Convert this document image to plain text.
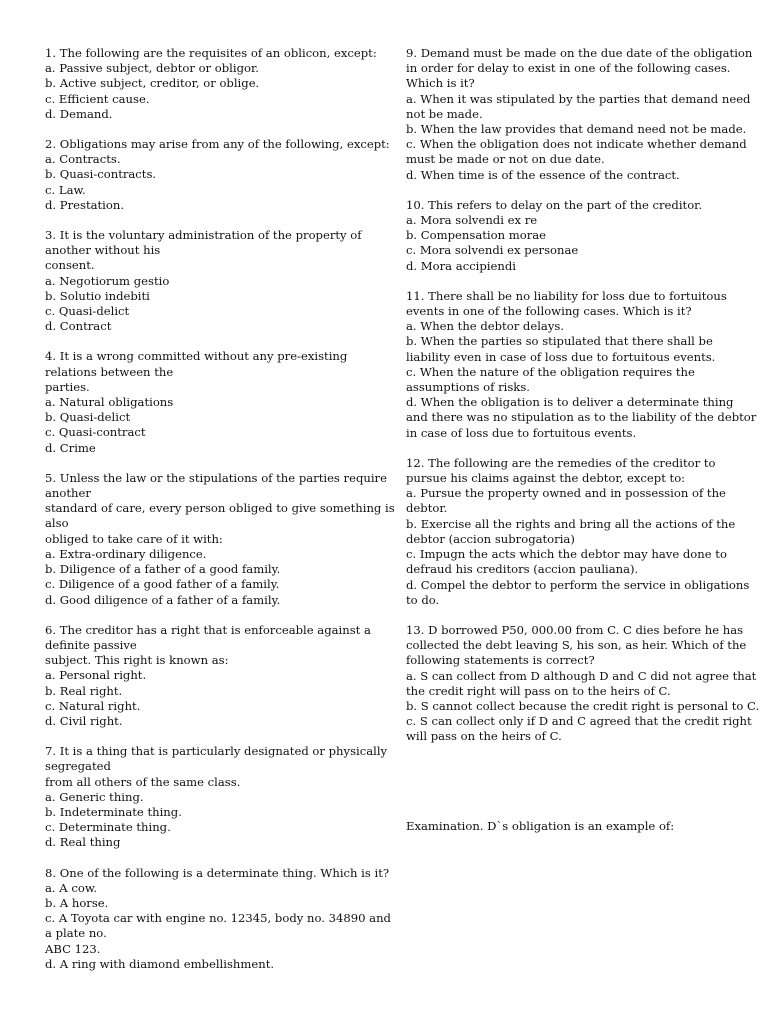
1. The following are the requisites of an oblicon, except:
a. Passive subject, debtor or obligor.
b. Active subject, creditor, or oblige.
c. Efficient cause.
d. Demand.
2. Obligations may arise from any of the following, except:
a. Contracts.
b. Quasi-contracts.
c. Law.
d. Prestation.
3. It is the voluntary administration of the property of
another without his
consent.
a. Negotiorum gestio
b. Solutio indebiti
c. Quasi-delict
d. Contract
4. It is a wrong committed without any pre-existing
relations between the
parties.
a. Natural obligations
b. Quasi-delict
c. Quasi-contract
d. Crime
5. Unless the law or the stipulations of the parties require
another
standard of care, every person obliged to give something is
also
obliged to take care of it with:
a. Extra-ordinary diligence.
b. Diligence of a father of a good family.
c. Diligence of a good father of a family.
d. Good diligence of a father of a family.
6. The creditor has a right that is enforceable against a
definite passive
subject. This right is known as:
a. Personal right.
b. Real right.
c. Natural right.
d. Civil right.
7. It is a thing that is particularly designated or physically
segregated
from all others of the same class.
a. Generic thing.
b. Indeterminate thing.
c. Determinate thing.
d. Real thing
8. One of the following is a determinate thing. Which is it?
a. A cow.
b. A horse.
c. A Toyota car with engine no. 12345, body no. 34890 and
a plate no.
ABC 123.
d. A ring with diamond embellishment.
9. Demand must be made on the due date of the obligation
in order for delay to exist in one of the following cases.
Which is it?
a. When it was stipulated by the parties that demand need
not be made.
b. When the law provides that demand need not be made.
c. When the obligation does not indicate whether demand
must be made or not on due date.
d. When time is of the essence of the contract.
10. This refers to delay on the part of the creditor.
a. Mora solvendi ex re
b. Compensation morae
c. Mora solvendi ex personae
d. Mora accipiendi
11. There shall be no liability for loss due to fortuitous
events in one of the following cases. Which is it?
a. When the debtor delays.
b. When the parties so stipulated that there shall be
liability even in case of loss due to fortuitous events.
c. When the nature of the obligation requires the
assumptions of risks.
d. When the obligation is to deliver a determinate thing
and there was no stipulation as to the liability of the debtor
in case of loss due to fortuitous events.
12. The following are the remedies of the creditor to
pursue his claims against the debtor, except to:
a. Pursue the property owned and in possession of the
debtor.
b. Exercise all the rights and bring all the actions of the
debtor (accion subrogatoria)
c. Impugn the acts which the debtor may have done to
defraud his creditors (accion pauliana).
d. Compel the debtor to perform the service in obligations
to do.
13. D borrowed P50, 000.00 from C. C dies before he has
collected the debt leaving S, his son, as heir. Which of the
following statements is correct?
a. S can collect from D although D and C did not agree that
the credit right will pass on to the heirs of C.
b. S cannot collect because the credit right is personal to C.
c. S can collect only if D and C agreed that the credit right
will pass on the heirs of C.
Examination. D`s obligation is an example of:
